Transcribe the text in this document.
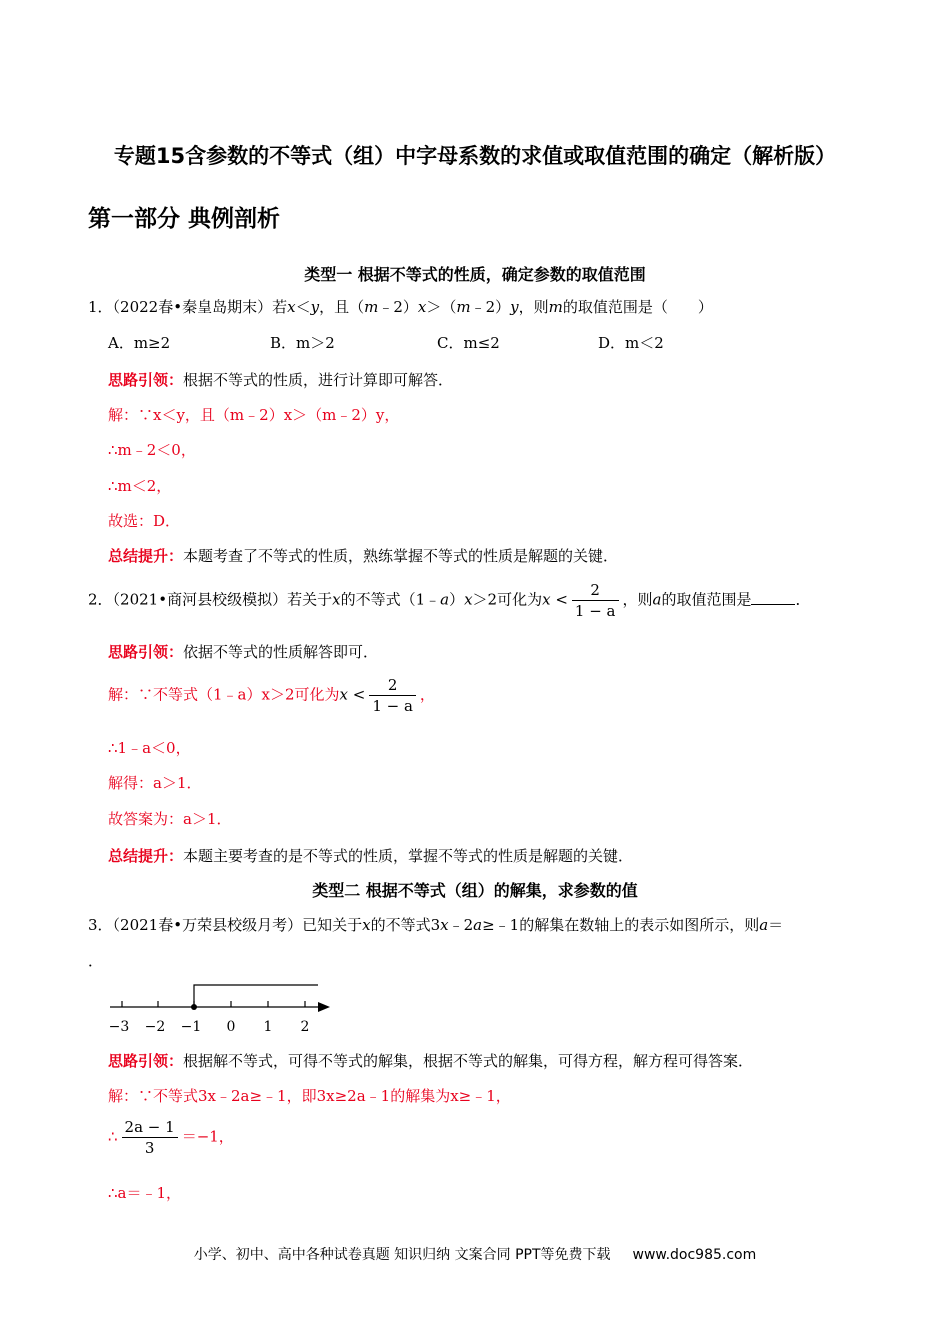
专题15含参数的不等式（组）中字母系数的求值或取值范围的确定（解析版）
第一部分 典例剖析
类型一 根据不等式的性质，确定参数的取值范围
1．（2022春•秦皇岛期末）若x＜y，且（m﹣2）x＞（m﹣2）y，则m的取值范围是（　　）
A．m≥2	B．m＞2	C．m≤2	D．m＜2
思路引领：根据不等式的性质，进行计算即可解答．
解：∵x＜y，且（m﹣2）x＞（m﹣2）y，
∴m﹣2＜0，
∴m＜2，
故选：D．
总结提升：本题考查了不等式的性质，熟练掌握不等式的性质是解题的关键．
2．（2021•商河县校级模拟）若关于x的不等式（1﹣a）x＞2可化为$x < \frac{2}{1 - a}$ ，则a的取值范围是	．
思路引领：依据不等式的性质解答即可．
解：∵不等式（1﹣a）x＞2可化为$x < \frac{2}{1 - a}$ ，
∴1﹣a＜0，
解得：a＞1．
故答案为：a＞1．
总结提升：本题主要考查的是不等式的性质，掌握不等式的性质是解题的关键．
类型二 根据不等式（组）的解集，求参数的值
3．（2021春•万荣县校级月考）已知关于x的不等式3x﹣2a≥﹣1的解集在数轴上的表示如图所示，则a＝
．
−3 −2 −1 0 1 2
思路引领：根据解不等式，可得不等式的解集，根据不等式的解集，可得方程，解方程可得答案．
解：∵不等式3x﹣2a≥﹣1，即3x≥2a﹣1的解集为x≥﹣1，
∴ $\frac{2a - 1}{3} =-1$，
∴a＝﹣1，
小学、初中、高中各种试卷真题 知识归纳 文案合同 PPT等免费下载 www.doc985.com
